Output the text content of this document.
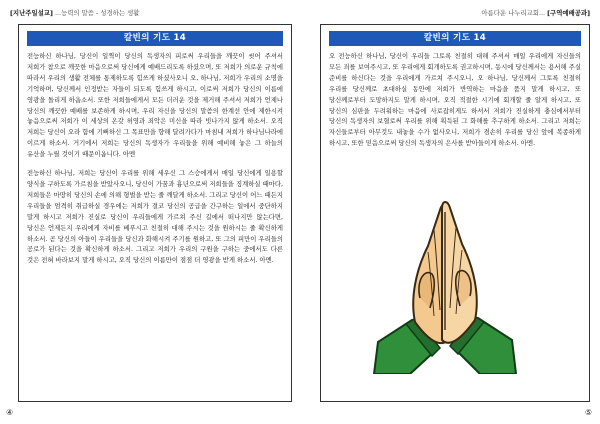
[지난주일설교] ...능력의 말씀 - 성경하는 생활
칼빈의 기도 14

전능하신 하나님, 당신이 일찍이 당신의 독생자의 피로써 우리들을 깨끗이 씻어 주셔서 저희가 참으로 깨끗한 마음으로써 당신에게 예배드리도록 하셨으며, 또 저희가 의로운 규칙에 따라서 우리의 생활 전체를 통제하도록 힘쓰게 하셨사오니 오, 하나님, 저희가 우리의 소명을 기억하며, 당신께서 인정받는 자들이 되도록 힘쓰게 하시고, 이로써 저희가 당신의 이름에 영광을 돌리게 하옵소서. 또한 저희들에게서 모든 더러운 것을 제거해 주셔서 저희가 언제나 당신의 깨끗한 예배를 보존하게 하시며, 우리 자신을 당신의 말씀의 한계선 안에 제한시켜 놓음으로써 저희가 이 세상의 온갖 허영과 죄악은 미신을 따라 빗나가지 않게 하소서. 오직 저희는 당신이 오라 함에 기뻐하신 그 목표만을 향해 달려가다가 마침내 저희가 하나님나라에 이르게 하소서. 거기에서 저희는 당신의 독생자가 우리들을 위해 예비해 놓은 그 하늘의 유산을 누릴 것이기 때문이옵니다. 아멘

전능하신 하나님, 저희는 당신이 우리를 위해 세우신 그 스승에게서 매일 당신에게 일용할 양식을 구하도록 가르침을 받았사오니, 당신이 가꿈과 흉년으로써 저희들을 징계하실 때마다, 저희들은 마땅히 당신의 손에 의해 형벌을 받는 줄 깨달게 하소서. 그리고 당신이 어느 때든지 우리들을 엄격히 취급하실 경우에는 저희가 결코 당신의 공급을 간구하는 일에서 중단하지 말게 하시고 저희가 진실로 당신이 우리들에게 가르쳐 주신 길에서 떠나지만 않는다면, 당신은 언제든지 우리에게 자비를 베푸시고 친절히 대해 주시는 것을 원하시는 줄 확신하게 하소서. 곧 당신의 아들이 우리들을 당신과 화해시켜 주기를 원하고, 또 그의 피만이 우리들의 공로가 된다는 것을 확신하게 하소서. 그리고 저희가 우리의 구원을 구하는 중에서도 다른 것은 전혀 바라보지 말게 하시고, 오직 당신의 이름만이 점점 더 영광을 받게 하소서. 아멘.

④
아름다운 나누리교회... [구역예배공과]
칼빈의 기도 14

오 전능하신 하나님, 당신이 우리들 그토록 친절히 대해 주셔서 매일 우리에게 자신들의 모든 죄를 보여주시고, 또 우리에게 회개하도록 권고하시며, 동시에 당신께서는 용서해 주실 준비를 하신다는 것을 우리에게 가르쳐 주시오니, 오 하나님, 당신께서 그토록 친절히 우리를 당신께로 초대하실 동안에 저희가 반역하는 마음을 품지 말게 하시고, 또 당신께로부터 도망하지도 말게 하시며, 오직 적절한 시기에 회개할 줄 알게 하시고, 또 당신의 심판을 두려워하는 마음에 사로잡히게도 하셔서 저희가 진실하게 충심에서부터 당신의 독생자의 보혈로써 우리를 위해 획득된 그 화해를 추구하게 하소서. 그리고 저희는 자신들로부터 아무것도 내놓을 수가 없사오니, 저희가 겸손히 우리를 당신 앞에 복종하게 하시고, 또한 믿음으로써 당신의 독생자의 은사를 받아들이게 하소서. 아멘.

⑤
